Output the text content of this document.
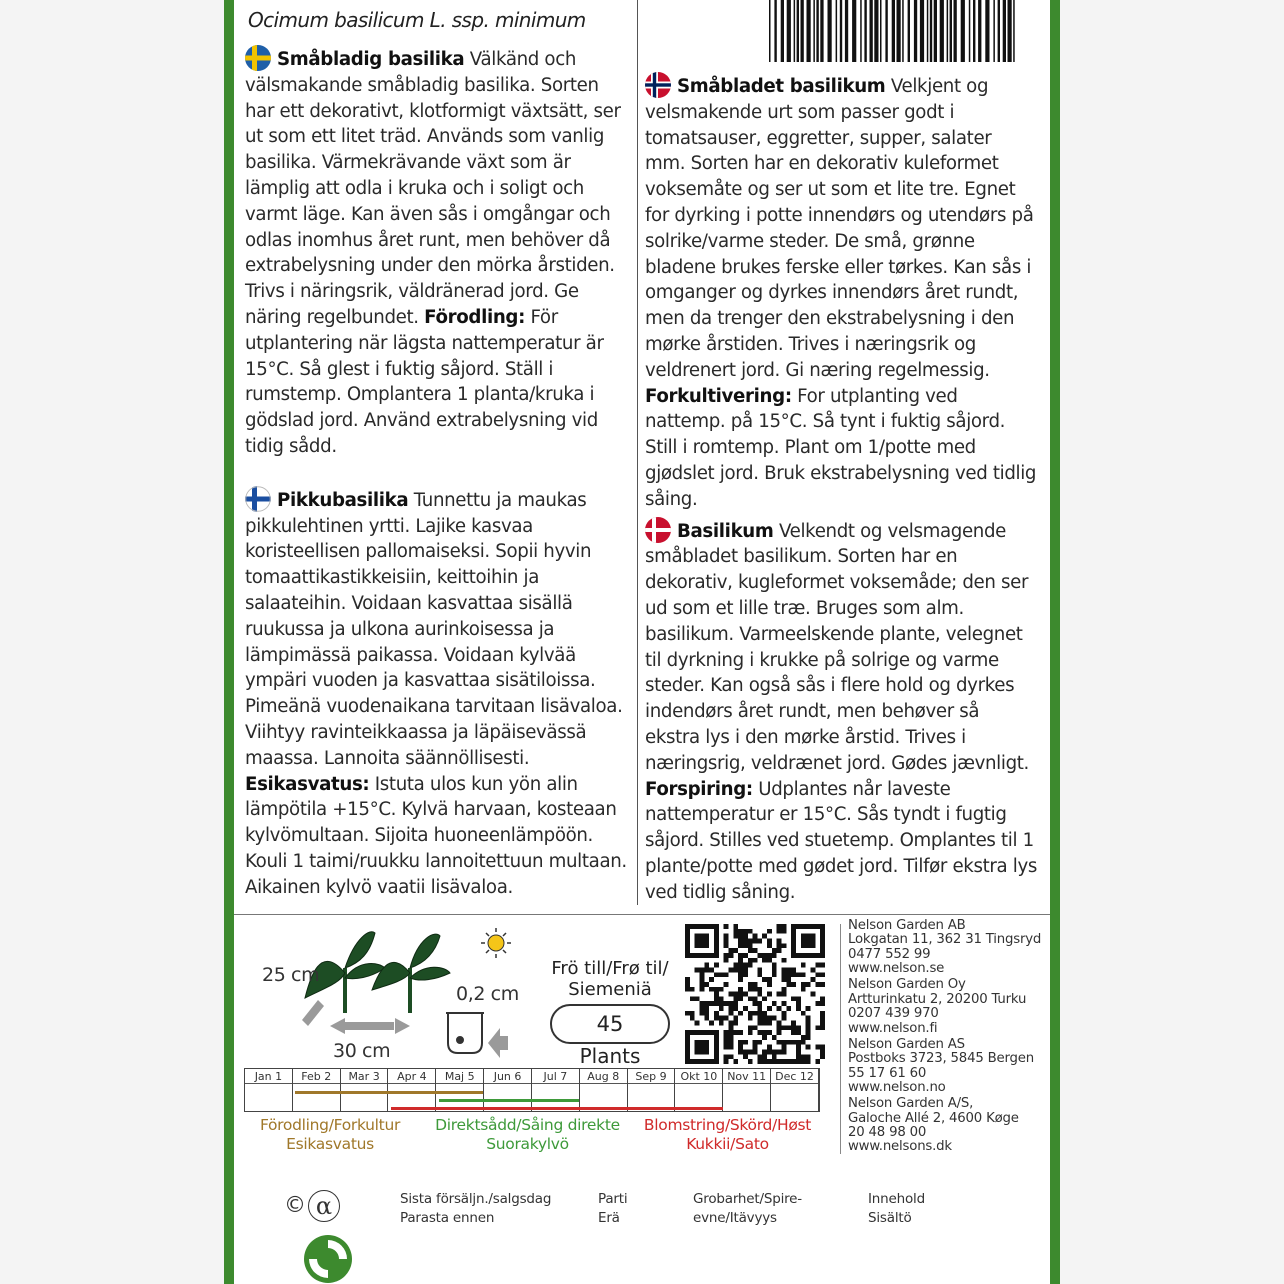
Ocimum basilicum L. ssp. minimum

Småbladig basilika Välkänd och välsmakande småbladig basilika. Sorten har ett dekorativt, klotformigt växtsätt, ser ut som ett litet träd. Används som vanlig basilika. Värmekrävande växt som är lämplig att odla i kruka och i soligt och varmt läge. Kan även sås i omgångar och odlas inomhus året runt, men behöver då extrabelysning under den mörka årstiden. Trivs i näringsrik, väldränerad jord. Ge näring regelbundet. Förodling: För utplantering när lägsta nattemperatur är 15°C. Så glest i fuktig såjord. Ställ i rumstemp. Omplantera 1 planta/kruka i gödslad jord. Använd extrabelysning vid tidig sådd.

Pikkubasilika Tunnettu ja maukas pikkulehtinen yrtti. Lajike kasvaa koristeellisen pallomaiseksi. Sopii hyvin tomaattikastikkeisiin, keittoihin ja salaateihin. Voidaan kasvattaa sisällä ruukussa ja ulkona aurinkoisessa ja lämpimässä paikassa. Voidaan kylvää ympäri vuoden ja kasvattaa sisätiloissa. Pimeänä vuodenaikana tarvitaan lisävaloa. Viihtyy ravinteikkaassa ja läpäisevässä maassa. Lannoita säännöllisesti. Esikasvatus: Istuta ulos kun yön alin lämpötila +15°C. Kylvä harvaan, kosteaan kylvömultaan. Sijoita huoneenlämpöön. Kouli 1 taimi/ruukku lannoitettuun multaan. Aikainen kylvö vaatii lisävaloa.

Småbladet basilikum Velkjent og velsmakende urt som passer godt i tomatsauser, eggretter, supper, salater mm. Sorten har en dekorativ kuleformet voksemåte og ser ut som et lite tre. Egnet for dyrking i potte innendørs og utendørs på solrike/varme steder. De små, grønne bladene brukes ferske eller tørkes. Kan sås i omganger og dyrkes innendørs året rundt, men da trenger den ekstrabelysning i den mørke årstiden. Trives i næringsrik og veldrenert jord. Gi næring regelmessig. Forkultivering: For utplanting ved nattemp. på 15°C. Så tynt i fuktig såjord. Still i romtemp. Plant om 1/potte med gjødslet jord. Bruk ekstrabelysning ved tidlig såing.

Basilikum Velkendt og velsmagende småbladet basilikum. Sorten har en dekorativ, kugleformet voksemåde; den ser ud som et lille træ. Bruges som alm. basilikum. Varmeelskende plante, velegnet til dyrkning i krukke på solrige og varme steder. Kan også sås i flere hold og dyrkes indendørs året rundt, men behøver så ekstra lys i den mørke årstid. Trives i næringsrig, veldrænet jord. Gødes jævnligt. Forspiring: Udplantes når laveste nattemperatur er 15°C. Sås tyndt i fugtig såjord. Stilles ved stuetemp. Omplantes til 1 plante/potte med gødet jord. Tilfør ekstra lys ved tidlig såning.

25 cm
30 cm
0,2 cm
Frö till/Frø til/ Siemeniä
45
Plants
Nelson Garden AB
Lokgatan 11, 362 31 Tingsryd
0477 552 99
www.nelson.se
Nelson Garden Oy
Artturinkatu 2, 20200 Turku
0207 439 970
www.nelson.fi
Nelson Garden AS
Postboks 3723, 5845 Bergen
55 17 61 60
www.nelson.no
Nelson Garden A/S,
Galoche Allé 2, 4600 Køge
20 48 98 00
www.nelsons.dk
Jan 1	Feb 2	Mar 3	Apr 4	Maj 5	Jun 6	Jul 7	Aug 8	Sep 9	Okt 10 Nov 11 Dec 12
Förodling/Forkultur Esikasvatus
Direktsådd/Såing direkte Suorakylvö
Blomstring/Skörd/Høst Kukkii/Sato
© α	Sista försäljn./salgsdag Parasta ennen
Parti Erä
Grobarhet/Spire- evne/Itävyys
Innehold Sisältö
